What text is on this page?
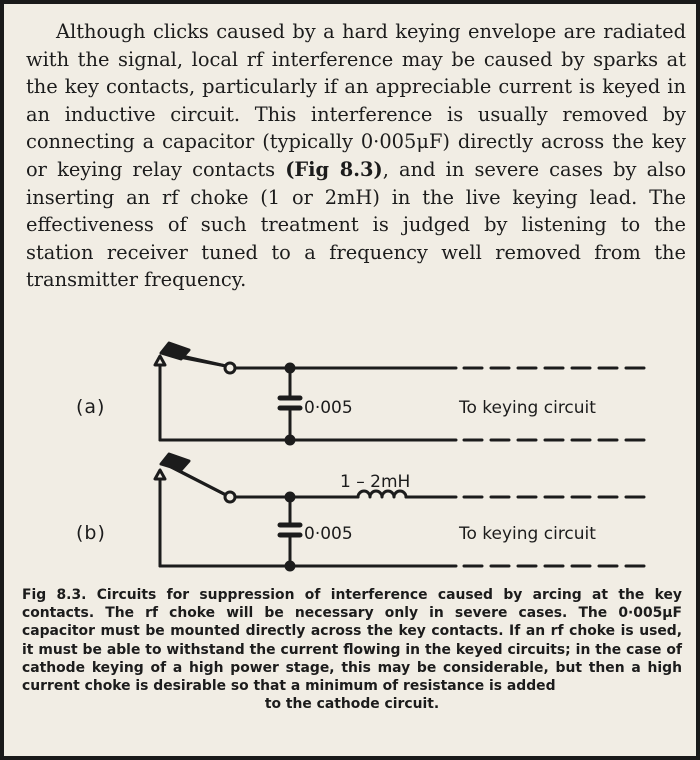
Although clicks caused by a hard keying envelope are radiated with the signal, local rf interference may be caused by sparks at the key contacts, particularly if an appreciable current is keyed in an inductive circuit. This interference is usually removed by connecting a capacitor (typically 0·005μF) directly across the key or keying relay contacts (Fig 8.3), and in severe cases by also inserting an rf choke (1 or 2mH) in the live keying lead. The effectiveness of such treatment is judged by listening to the station receiver tuned to a frequency well removed from the transmitter frequency.

(a)	0·005	To keying circuit
1 – 2mH
(b)	0·005	To keying circuit

Fig 8.3. Circuits for suppression of interference caused by arcing at the key contacts. The rf choke will be necessary only in severe cases. The 0·005μF capacitor must be mounted directly across the key contacts. If an rf choke is used, it must be able to withstand the current flowing in the keyed circuits; in the case of cathode keying of a high power stage, this may be considerable, but then a high current choke is desirable so that a minimum of resistance is added
to the cathode circuit.
